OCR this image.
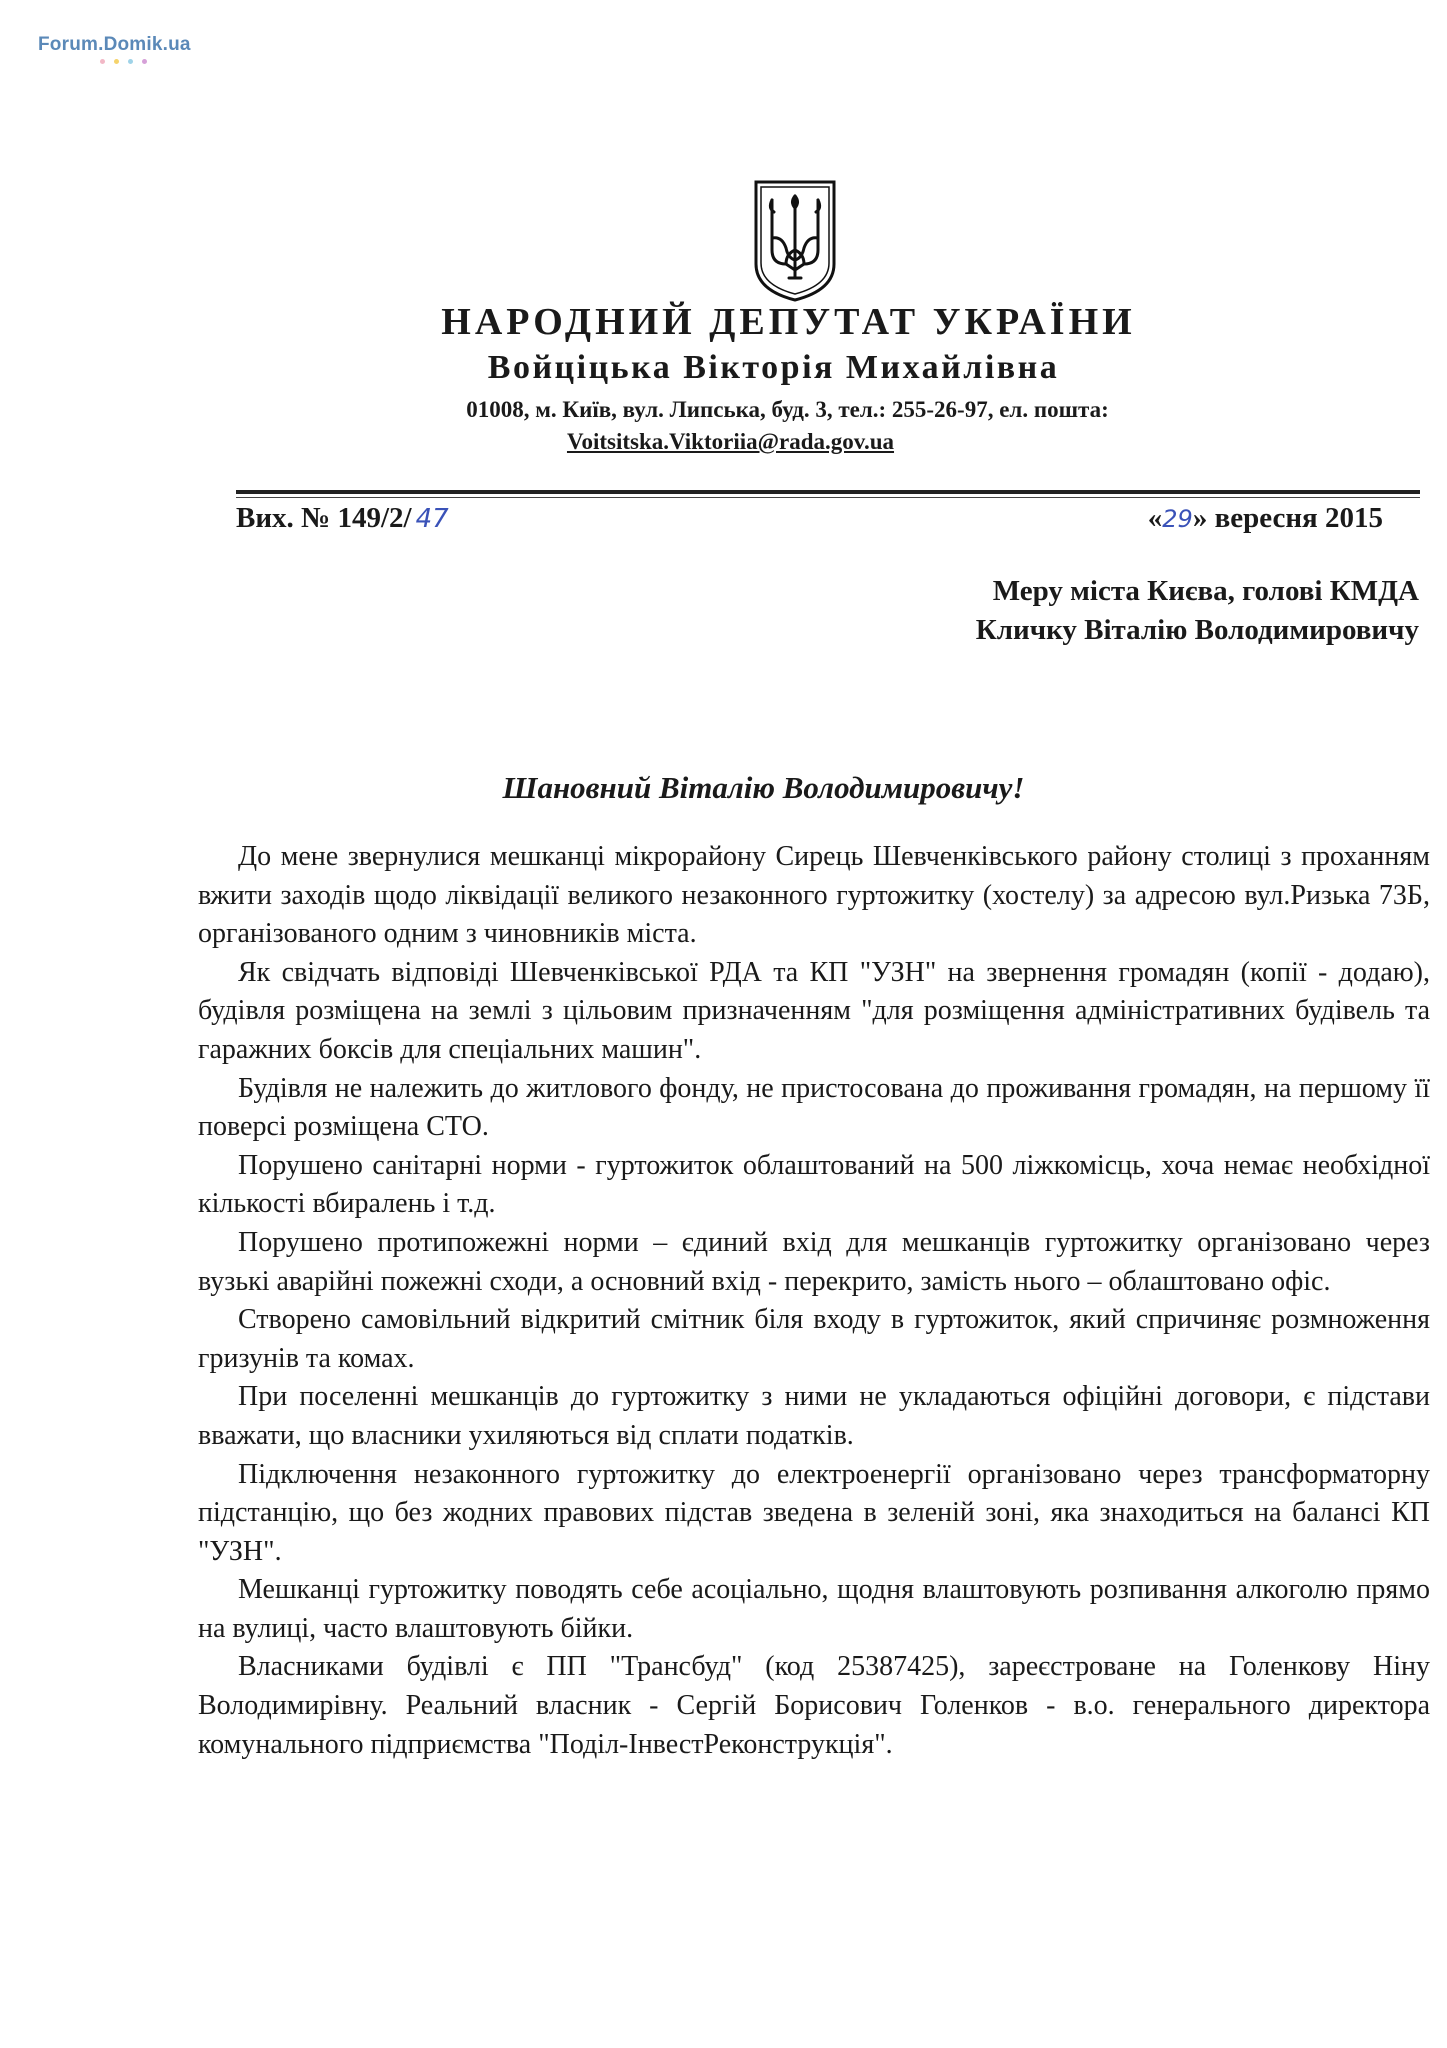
Forum.Domik.ua
НАРОДНИЙ ДЕПУТАТ УКРАЇНИ
Войціцька Вікторія Михайлівна
01008, м. Київ, вул. Липська, буд. 3, тел.: 255-26-97, ел. пошта:
Voitsitska.Viktoriia@rada.gov.ua
Вих. № 149/2/ 47	«29» вересня 2015
Меру міста Києва, голові КМДА
Кличку Віталію Володимировичу
Шановний Віталію Володимировичу!

До мене звернулися мешканці мікрорайону Сирець Шевченківського району столиці з проханням вжити заходів щодо ліквідації великого незаконного гуртожитку (хостелу) за адресою вул.Ризька 73Б, організованого одним з чиновників міста.

Як свідчать відповіді Шевченківської РДА та КП "УЗН" на звернення громадян (копії - додаю), будівля розміщена на землі з цільовим призначенням "для розміщення адміністративних будівель та гаражних боксів для спеціальних машин".

Будівля не належить до житлового фонду, не пристосована до проживання громадян, на першому її поверсі розміщена СТО.

Порушено санітарні норми - гуртожиток облаштований на 500 ліжкомісць, хоча немає необхідної кількості вбиралень і т.д.

Порушено протипожежні норми – єдиний вхід для мешканців гуртожитку організовано через вузькі аварійні пожежні сходи, а основний вхід - перекрито, замість нього – облаштовано офіс.

Створено самовільний відкритий смітник біля входу в гуртожиток, який спричиняє розмноження гризунів та комах.

При поселенні мешканців до гуртожитку з ними не укладаються офіційні договори, є підстави вважати, що власники ухиляються від сплати податків.

Підключення незаконного гуртожитку до електроенергії організовано через трансформаторну підстанцію, що без жодних правових підстав зведена в зеленій зоні, яка знаходиться на балансі КП "УЗН".

Мешканці гуртожитку поводять себе асоціально, щодня влаштовують розпивання алкоголю прямо на вулиці, часто влаштовують бійки.

Власниками будівлі є ПП "Трансбуд" (код 25387425), зареєстроване на Голенкову Ніну Володимирівну. Реальний власник - Сергій Борисович Голенков - в.о. генерального директора комунального підприємства "Поділ-ІнвестРеконструкція".
